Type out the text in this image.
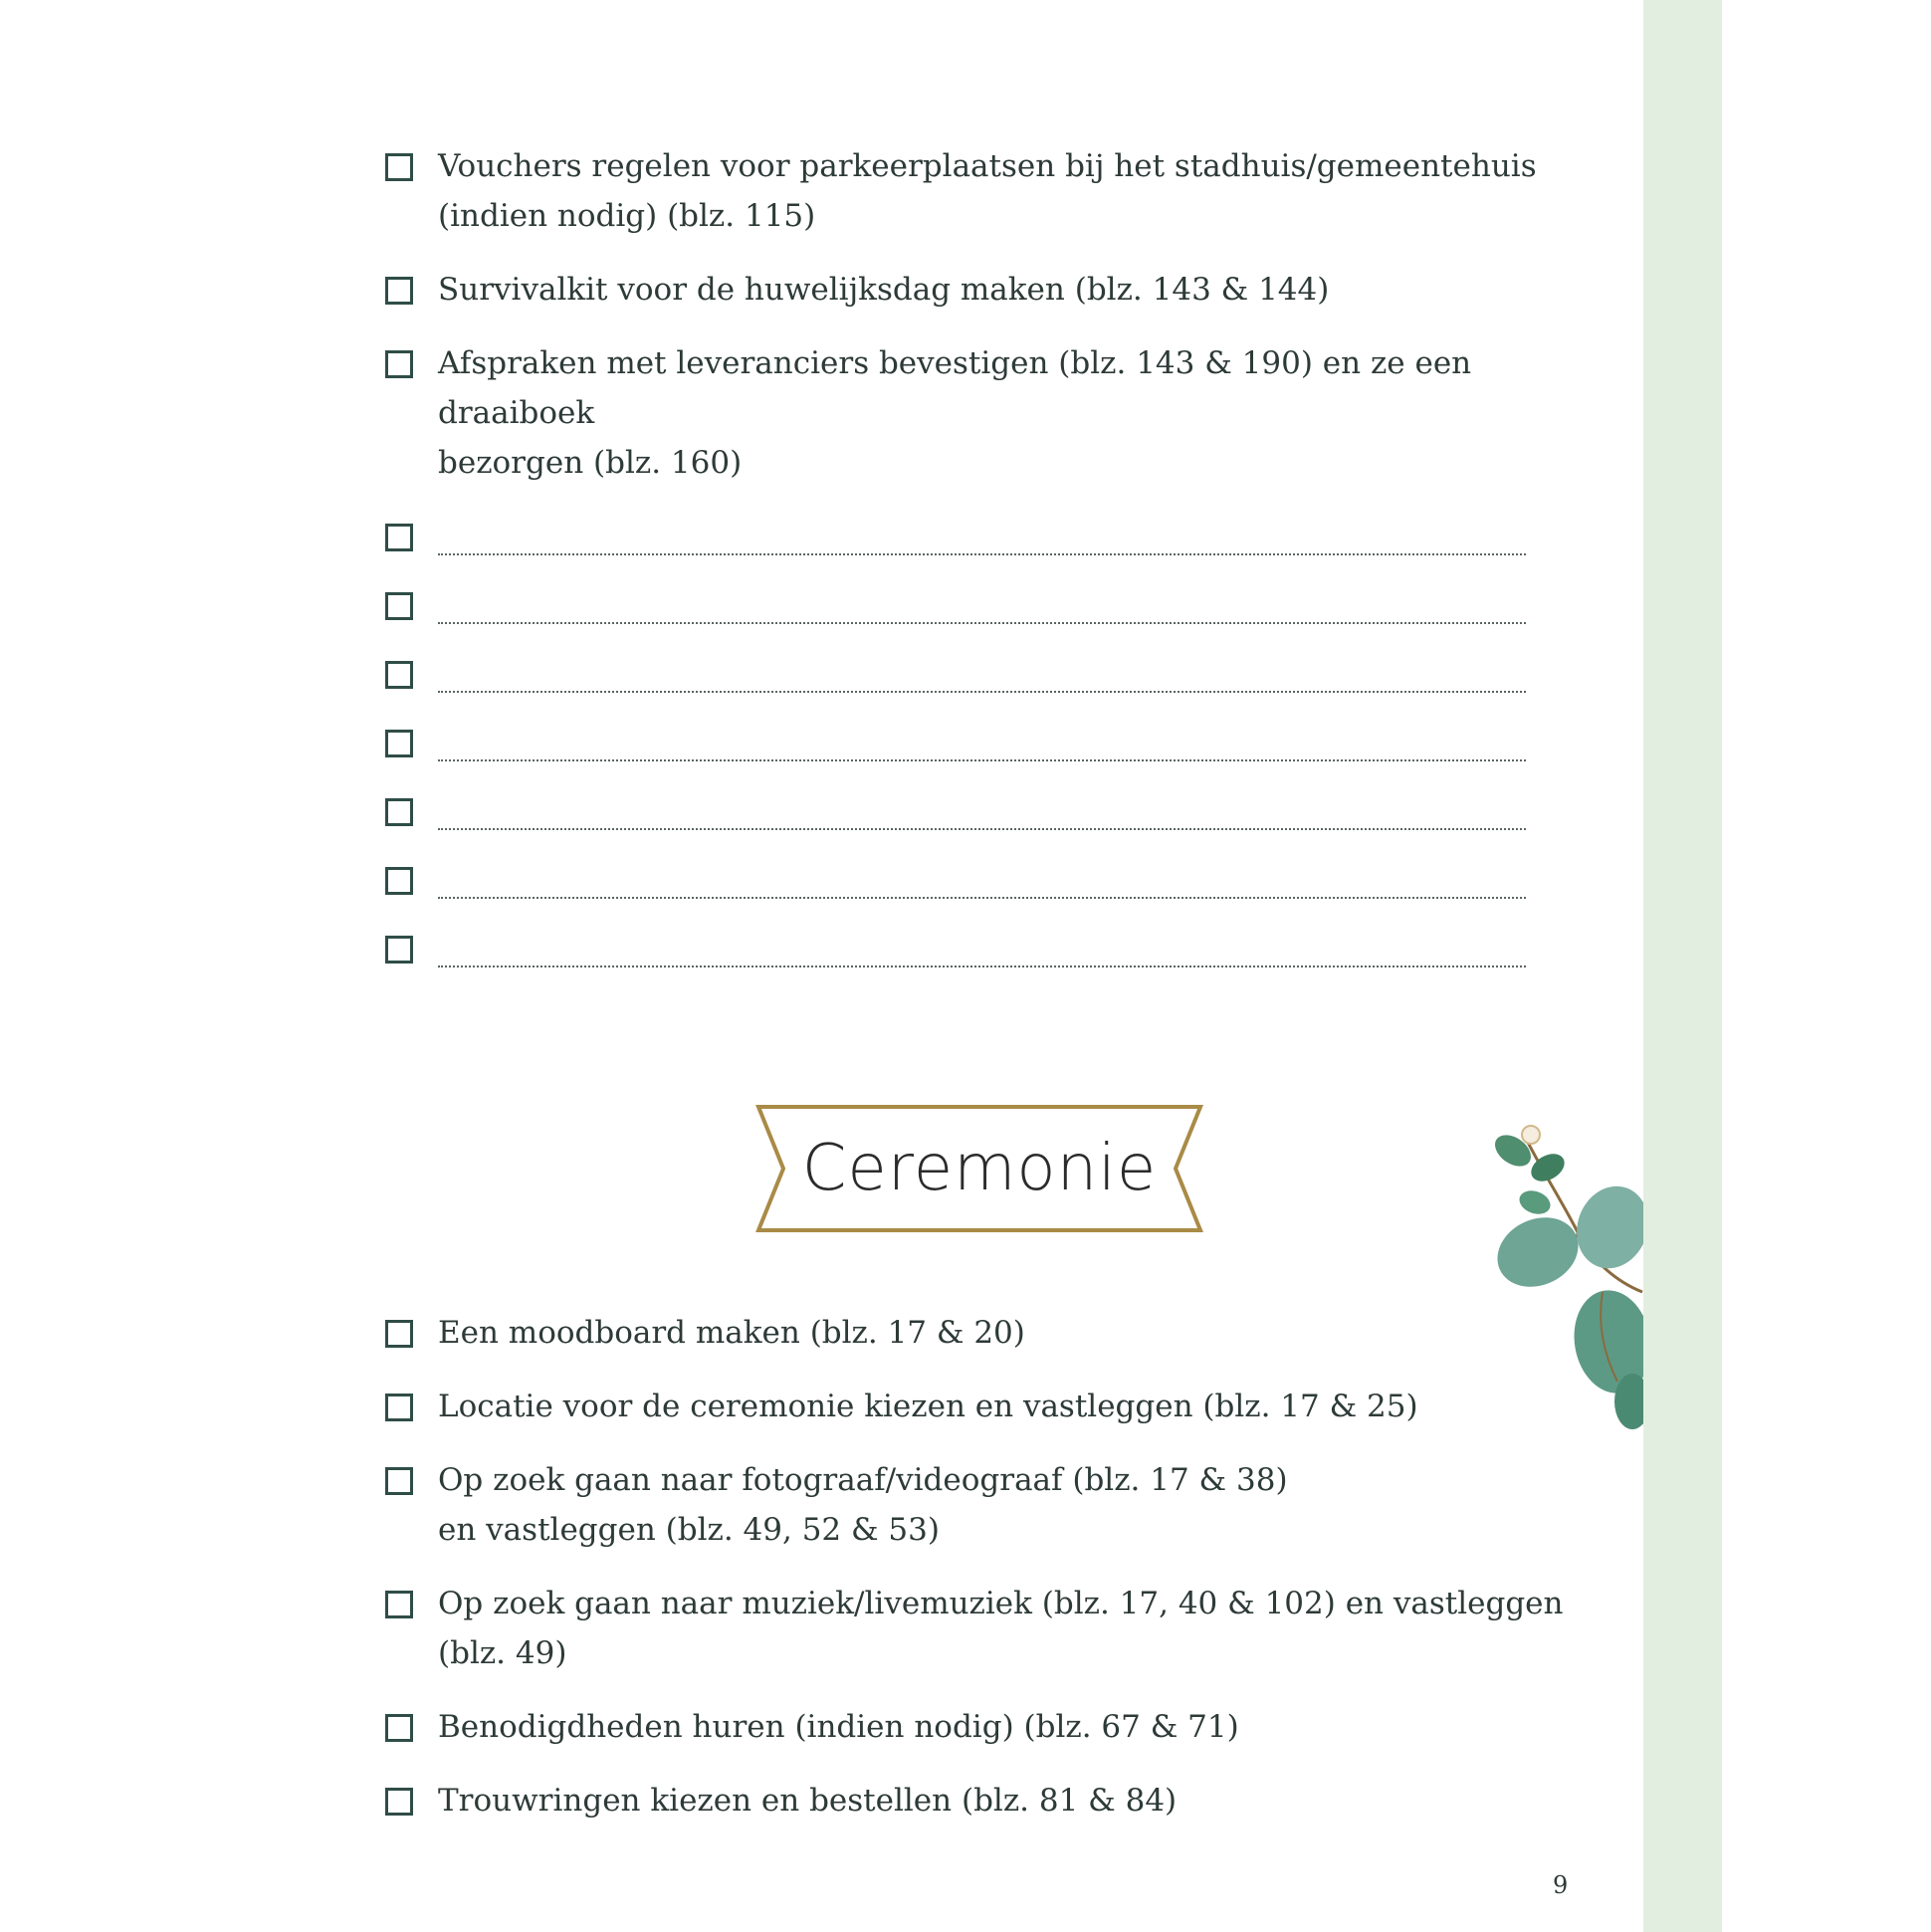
Vouchers regelen voor parkeerplaatsen bij het stadhuis/gemeentehuis
(indien nodig) (blz. 115)
Survivalkit voor de huwelijksdag maken (blz. 143 & 144)
Afspraken met leveranciers bevestigen (blz. 143 & 190) en ze een draaiboek
bezorgen (blz. 160)
Ceremonie
Een moodboard maken (blz. 17 & 20)
Locatie voor de ceremonie kiezen en vastleggen (blz. 17 & 25)
Op zoek gaan naar fotograaf/videograaf (blz. 17 & 38)
en vastleggen (blz. 49, 52 & 53)
Op zoek gaan naar muziek/livemuziek (blz. 17, 40 & 102) en vastleggen (blz. 49)
Benodigdheden huren (indien nodig) (blz. 67 & 71)
Trouwringen kiezen en bestellen (blz. 81 & 84)
9
